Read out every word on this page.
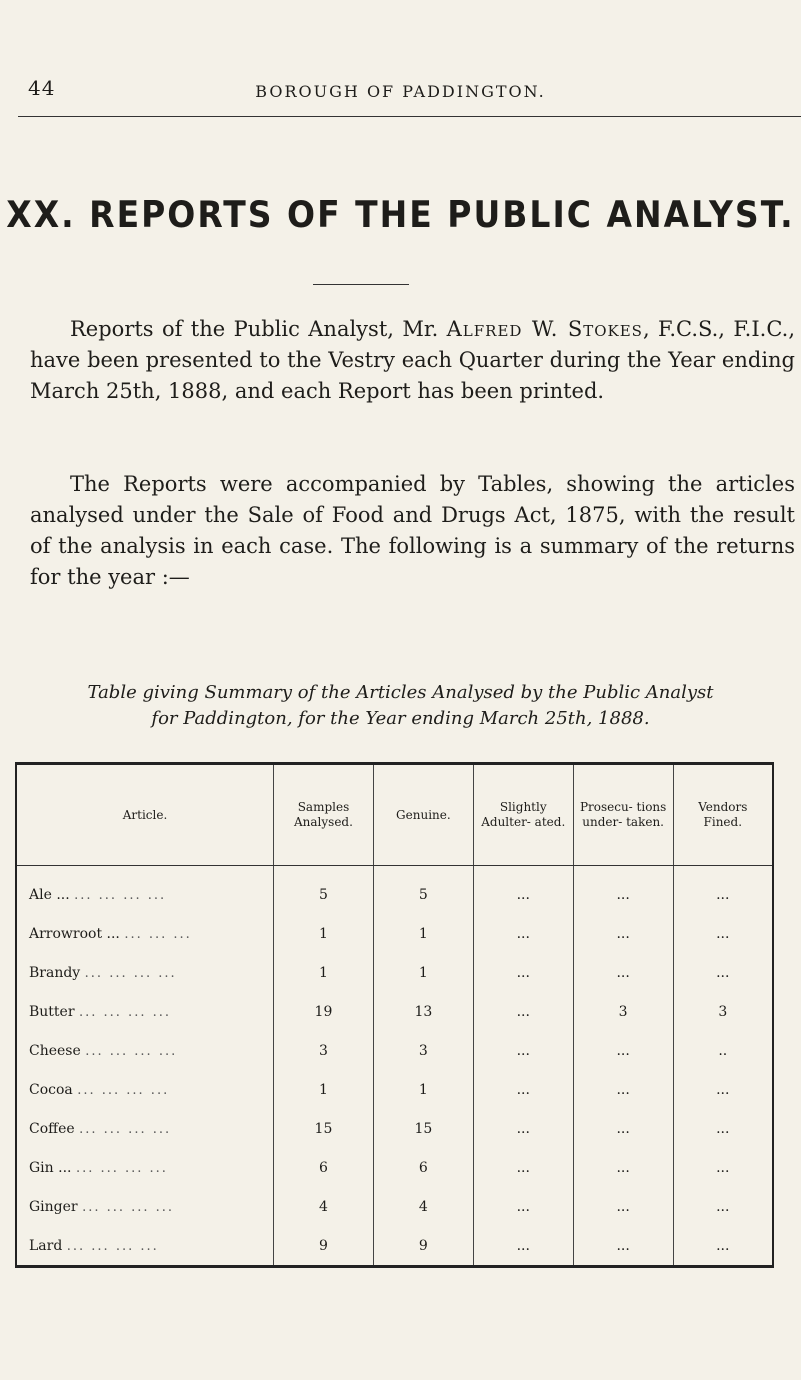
44	BOROUGH OF PADDINGTON.
XX. REPORTS OF THE PUBLIC ANALYST.

Reports of the Public Analyst, Mr. Alfred W. Stokes, F.C.S., F.I.C., have been presented to the Vestry each Quarter during the Year ending March 25th, 1888, and each Report has been printed.

The Reports were accompanied by Tables, showing the articles analysed under the Sale of Food and Drugs Act, 1875, with the result of the analysis in each case. The following is a summary of the returns for the year :—

Table giving Summary of the Articles Analysed by the Public Analyst
for Paddington, for the Year ending March 25th, 1888.
Article.	Samples Analysed.	Genuine.	Slightly Adulter- ated.	Prosecu- tions under- taken.	Vendors Fined.
Ale ... ... ... ... ...	5	5	...	...	...
Arrowroot ... ... ... ...	1	1	...	...	...
Brandy ... ... ... ...	1	1	...	...	...
Butter ... ... ... ...	19	13	...	3	3
Cheese ... ... ... ...	3	3	...	...	..
Cocoa ... ... ... ...	1	1	...	...	...
Coffee ... ... ... ...	15	15	...	...	...
Gin ... ... ... ... ...	6	6	...	...	...
Ginger ... ... ... ...	4	4	...	...	...
Lard ... ... ... ...	9	9	...	...	...
